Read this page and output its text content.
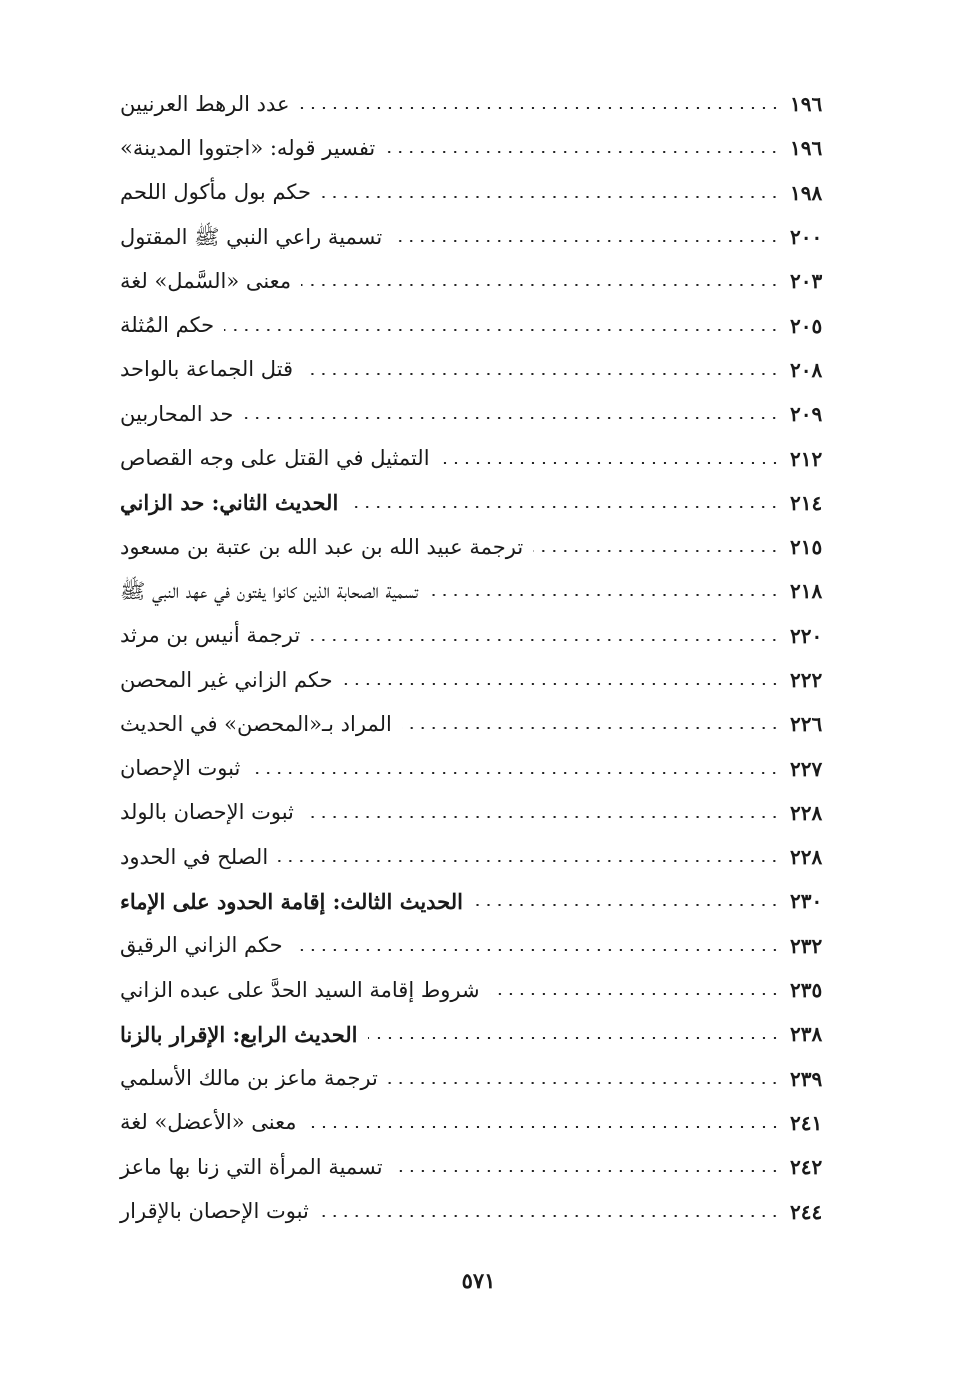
عدد الرهط العرنيين	١٩٦
تفسير قوله: «اجتووا المدينة»	١٩٦
حكم بول مأكول اللحم	١٩٨
تسمية راعي النبي ﷺ المقتول	٢٠٠
معنى «السَّمل» لغة	٢٠٣
حكم المُثلة	٢٠٥
قتل الجماعة بالواحد	٢٠٨
حد المحاربين	٢٠٩
التمثيل في القتل على وجه القصاص	٢١٢
الحديث الثاني: حد الزاني	٢١٤
ترجمة عبيد الله بن عبد الله بن عتبة بن مسعود	٢١٥
تسمية الصحابة الذين كانوا يفتون في عهد النبي ﷺ	٢١٨
ترجمة أنيس بن مرثد	٢٢٠
حكم الزاني غير المحصن	٢٢٢
المراد بـ«المحصن» في الحديث	٢٢٦
ثبوت الإحصان	٢٢٧
ثبوت الإحصان بالولد	٢٢٨
الصلح في الحدود	٢٢٨
الحديث الثالث: إقامة الحدود على الإماء	٢٣٠
حكم الزاني الرقيق	٢٣٢
شروط إقامة السيد الحدَّ على عبده الزاني	٢٣٥
الحديث الرابع: الإقرار بالزنا	٢٣٨
ترجمة ماعز بن مالك الأسلمي	٢٣٩
معنى «الأعضل» لغة	٢٤١
تسمية المرأة التي زنا بها ماعز	٢٤٢
ثبوت الإحصان بالإقرار	٢٤٤
٥٧١
